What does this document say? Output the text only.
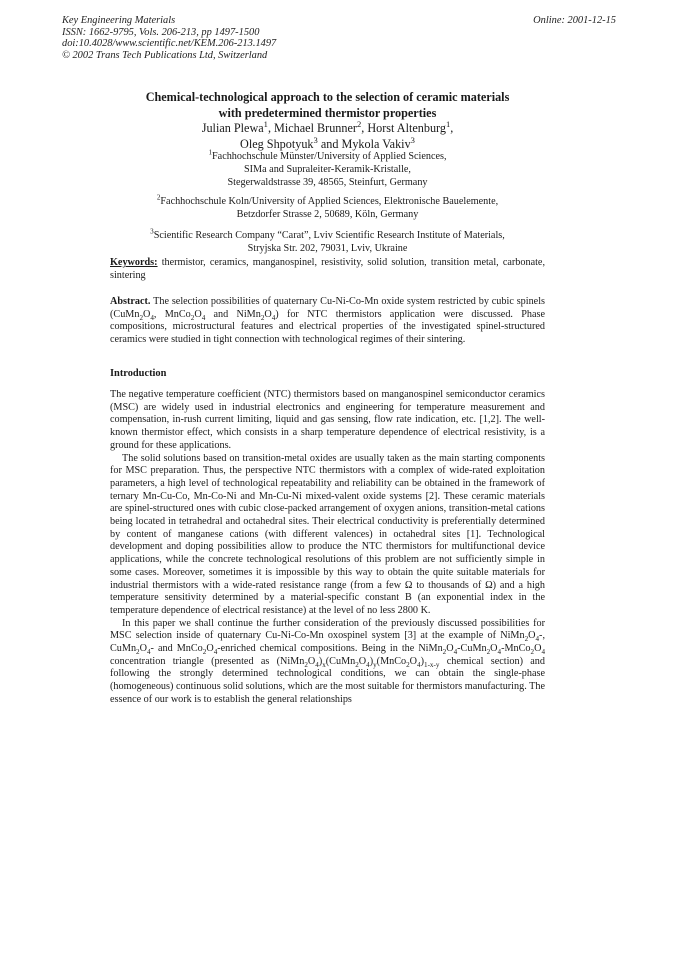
Key Engineering Materials
ISSN: 1662-9795, Vols. 206-213, pp 1497-1500
doi:10.4028/www.scientific.net/KEM.206-213.1497
© 2002 Trans Tech Publications Ltd, Switzerland
Online: 2001-12-15
Chemical-technological approach to the selection of ceramic materials
with predetermined thermistor properties
Julian Plewa$^1$, Michael Brunner$^2$, Horst Altenburg$^1$,
Oleg Shpotyuk$^3$ and Mykola Vakiv$^3$
$^1$Fachhochschule Münster/University of Applied Sciences,
SIMa and Supraleiter-Keramik-Kristalle,
Stegerwaldstrasse 39, 48565, Steinfurt, Germany
$^2$Fachhochschule Koln/University of Applied Sciences, Elektronische Bauelemente,
Betzdorfer Strasse 2, 50689, Köln, Germany
$^3$Scientific Research Company “Carat”, Lviv Scientific Research Institute of Materials,
Stryjska Str. 202, 79031, Lviv, Ukraine
Keywords: thermistor, ceramics, manganospinel, resistivity, solid solution, transition metal, carbonate, sintering
Abstract. The selection possibilities of quaternary Cu-Ni-Co-Mn oxide system restricted by cubic spinels ($CuMn_2O_4$, $MnCo_2O_4$ and $NiMn_2O_4$) for NTC thermistors application were discussed. Phase compositions, microstructural features and electrical properties of the investigated spinel-structured ceramics were studied in tight connection with technological regimes of their sintering.
Introduction

The negative temperature coefficient (NTC) thermistors based on manganospinel semiconductor ceramics (MSC) are widely used in industrial electronics and engineering for temperature measurement and compensation, in-rush current limiting, liquid and gas sensing, flow rate indication, etc. [1,2]. The well-known thermistor effect, which consists in a sharp temperature dependence of electrical resistivity, is a ground for these applications.

The solid solutions based on transition-metal oxides are usually taken as the main starting components for MSC preparation. Thus, the perspective NTC thermistors with a complex of wide-rated exploitation parameters, a high level of technological repeatability and reliability can be obtained in the framework of ternary Mn-Cu-Co, Mn-Co-Ni and Mn-Cu-Ni mixed-valent oxide systems [2]. These ceramic materials are spinel-structured ones with cubic close-packed arrangement of oxygen anions, transition-metal cations being located in tetrahedral and octahedral sites. Their electrical conductivity is preferentially determined by content of manganese cations (with different valences) in octahedral sites [1]. Technological development and doping possibilities allow to produce the NTC thermistors for multifunctional device applications, while the concrete technological resolutions of this problem are not sufficiently simple in some cases. Moreover, sometimes it is impossible by this way to obtain the quite suitable materials for industrial thermistors with a wide-rated resistance range (from a few Ω to thousands of Ω) and a high temperature sensitivity determined by a material-specific constant B (an exponential index in the temperature dependence of electrical resistance) at the level of no less 2800 K.

In this paper we shall continue the further consideration of the previously discussed possibilities for MSC selection inside of quaternary Cu-Ni-Co-Mn oxospinel system [3] at the example of $NiMn_2O_4-$, $CuMn_2O_4-$ and $MnCo_2O_4$-enriched chemical compositions. Being in the $NiMn_2O_4-CuMn_2O_4-MnCo_2O_4$ concentration triangle (presented as $(NiMn_2O_4)_x(CuMn_2O_4)_y(MnCo_2O_4)_{1-x-y}$ chemical section) and following the strongly determined technological conditions, we can obtain the single-phase (homogeneous) continuous solid solutions, which are the most suitable for thermistors manufacturing. The essence of our work is to establish the general relationships
